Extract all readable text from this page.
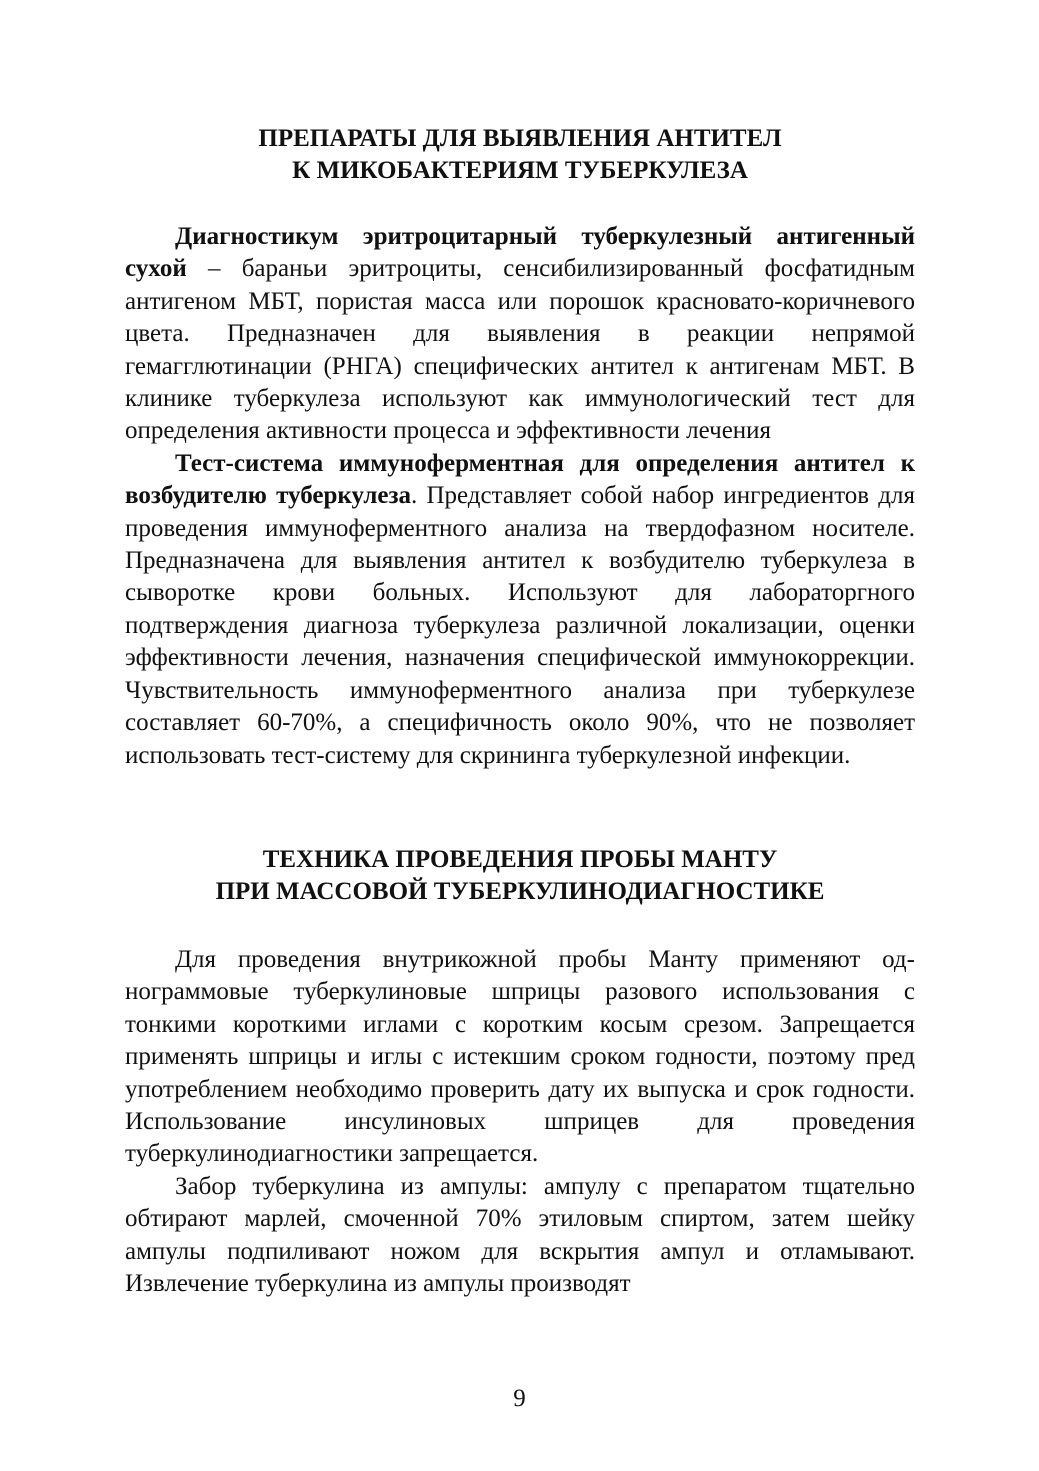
ПРЕПАРАТЫ ДЛЯ ВЫЯВЛЕНИЯ АНТИТЕЛ
К МИКОБАКТЕРИЯМ ТУБЕРКУЛЕЗА

Диагностикум эритроцитарный туберкулезный антигенный сухой – бараньи эритроциты, сенсибилизированный фосфатидным антигеном МБТ, пористая масса или порошок красновато-коричневого цвета. Предназначен для выявления в реакции непрямой гемагглютинации (РНГА) специфических антител к антигенам МБТ. В клинике туберкулеза используют как иммунологический тест для определения активности процесса и эффективности лечения

Тест-система иммуноферментная для определения антител к возбудителю туберкулеза. Представляет собой набор ингредиентов для проведения иммуноферментного анализа на твердофазном носителе. Предназначена для выявления антител к возбудителю туберкулеза в сыворотке крови больных. Используют для лабораторгного подтверждения диагноза туберкулеза различной локализации, оценки эффективности лечения, назначения специфической иммунокоррекции. Чувствительность иммуноферментного анализа при туберкулезе составляет 60-70%, а специфичность около 90%, что не позволяет использовать тест-систему для скрининга туберкулезной инфекции.

ТЕХНИКА ПРОВЕДЕНИЯ ПРОБЫ МАНТУ
ПРИ МАССОВОЙ ТУБЕРКУЛИНОДИАГНОСТИКЕ

Для проведения внутрикожной пробы Манту применяют однограммовые туберкулиновые шприцы разового использования с тонкими короткими иглами с коротким косым срезом. Запрещается применять шприцы и иглы с истекшим сроком годности, поэтому пред употреблением необходимо проверить дату их выпуска и срок годности. Использование инсулиновых шприцев для проведения туберкулинодиагностики запрещается.

Забор туберкулина из ампулы: ампулу с препаратом тщательно обтирают марлей, смоченной 70% этиловым спиртом, затем шейку ампулы подпиливают ножом для вскрытия ампул и отламывают. Извлечение туберкулина из ампулы производят

9
